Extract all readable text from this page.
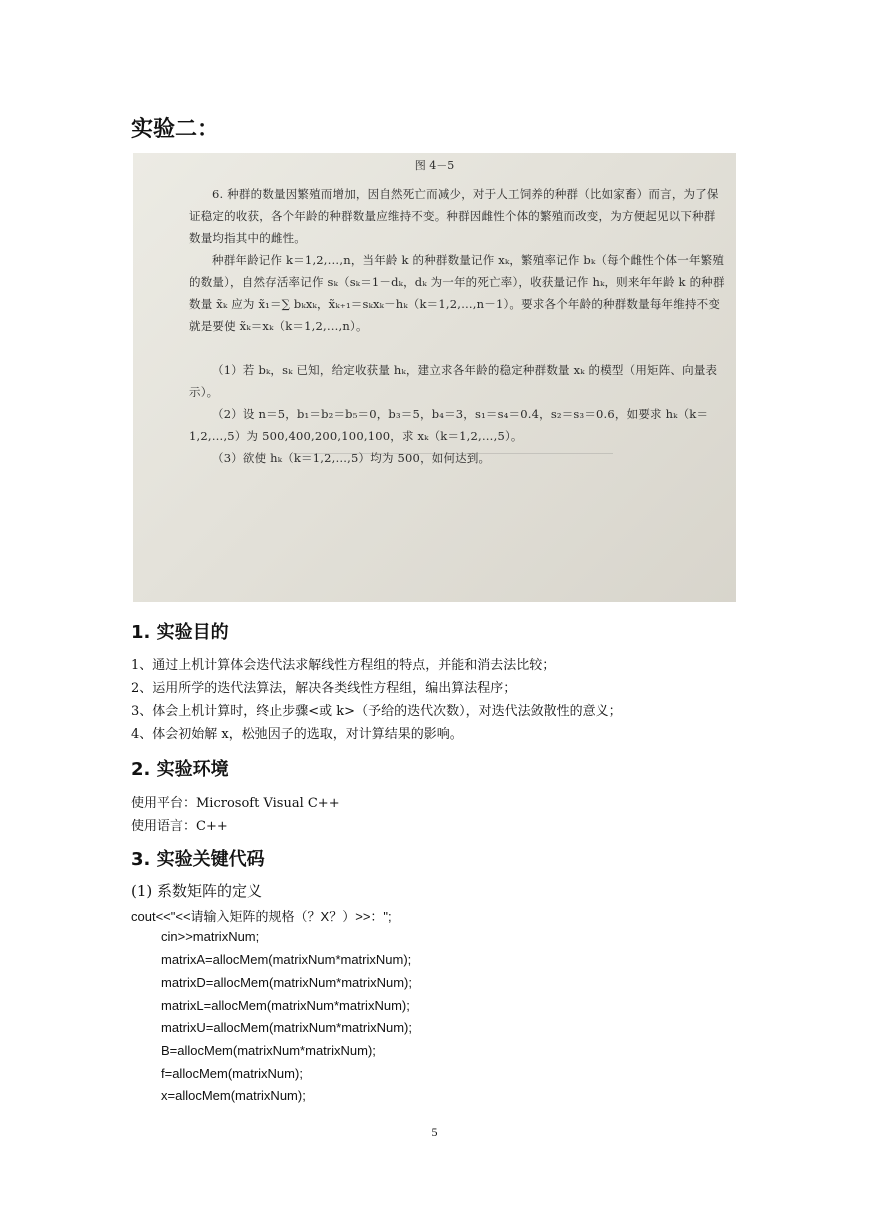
实验二：
图 4－5
6. 种群的数量因繁殖而增加，因自然死亡而减少，对于人工饲养的种群（比如家畜）而言，为了保证稳定的收获，各个年龄的种群数量应维持不变。种群因雌性个体的繁殖而改变，为方便起见以下种群数量均指其中的雌性。
种群年龄记作 k＝1,2,…,n，当年龄 k 的种群数量记作 xₖ，繁殖率记作 bₖ（每个雌性个体一年繁殖的数量），自然存活率记作 sₖ（sₖ＝1－dₖ，dₖ 为一年的死亡率），收获量记作 hₖ，则来年年龄 k 的种群数量 x̃ₖ 应为 x̃₁＝∑ bₖxₖ，x̃ₖ₊₁＝sₖxₖ－hₖ（k＝1,2,…,n－1）。要求各个年龄的种群数量每年维持不变就是要使 x̃ₖ＝xₖ（k＝1,2,…,n）。
（1）若 bₖ，sₖ 已知，给定收获量 hₖ，建立求各年龄的稳定种群数量 xₖ 的模型（用矩阵、向量表示）。
（2）设 n＝5，b₁＝b₂＝b₅＝0，b₃＝5，b₄＝3，s₁＝s₄＝0.4，s₂＝s₃＝0.6，如要求 hₖ（k＝1,2,…,5）为 500,400,200,100,100，求 xₖ（k＝1,2,…,5）。
（3）欲使 hₖ（k＝1,2,…,5）均为 500，如何达到。
1. 实验目的
1、通过上机计算体会迭代法求解线性方程组的特点，并能和消去法比较；
2、运用所学的迭代法算法，解决各类线性方程组，编出算法程序；
3、体会上机计算时，终止步骤<或 k>（予给的迭代次数），对迭代法敛散性的意义；
4、体会初始解 x，松弛因子的选取，对计算结果的影响。
2. 实验环境
使用平台：Microsoft Visual C++
使用语言：C++
3. 实验关键代码
(1) 系数矩阵的定义
cout<<"<<请输入矩阵的规格（？X？）>>：";
cin>>matrixNum;
matrixA=allocMem(matrixNum*matrixNum);
matrixD=allocMem(matrixNum*matrixNum);
matrixL=allocMem(matrixNum*matrixNum);
matrixU=allocMem(matrixNum*matrixNum);
B=allocMem(matrixNum*matrixNum);
f=allocMem(matrixNum);
x=allocMem(matrixNum);
5
